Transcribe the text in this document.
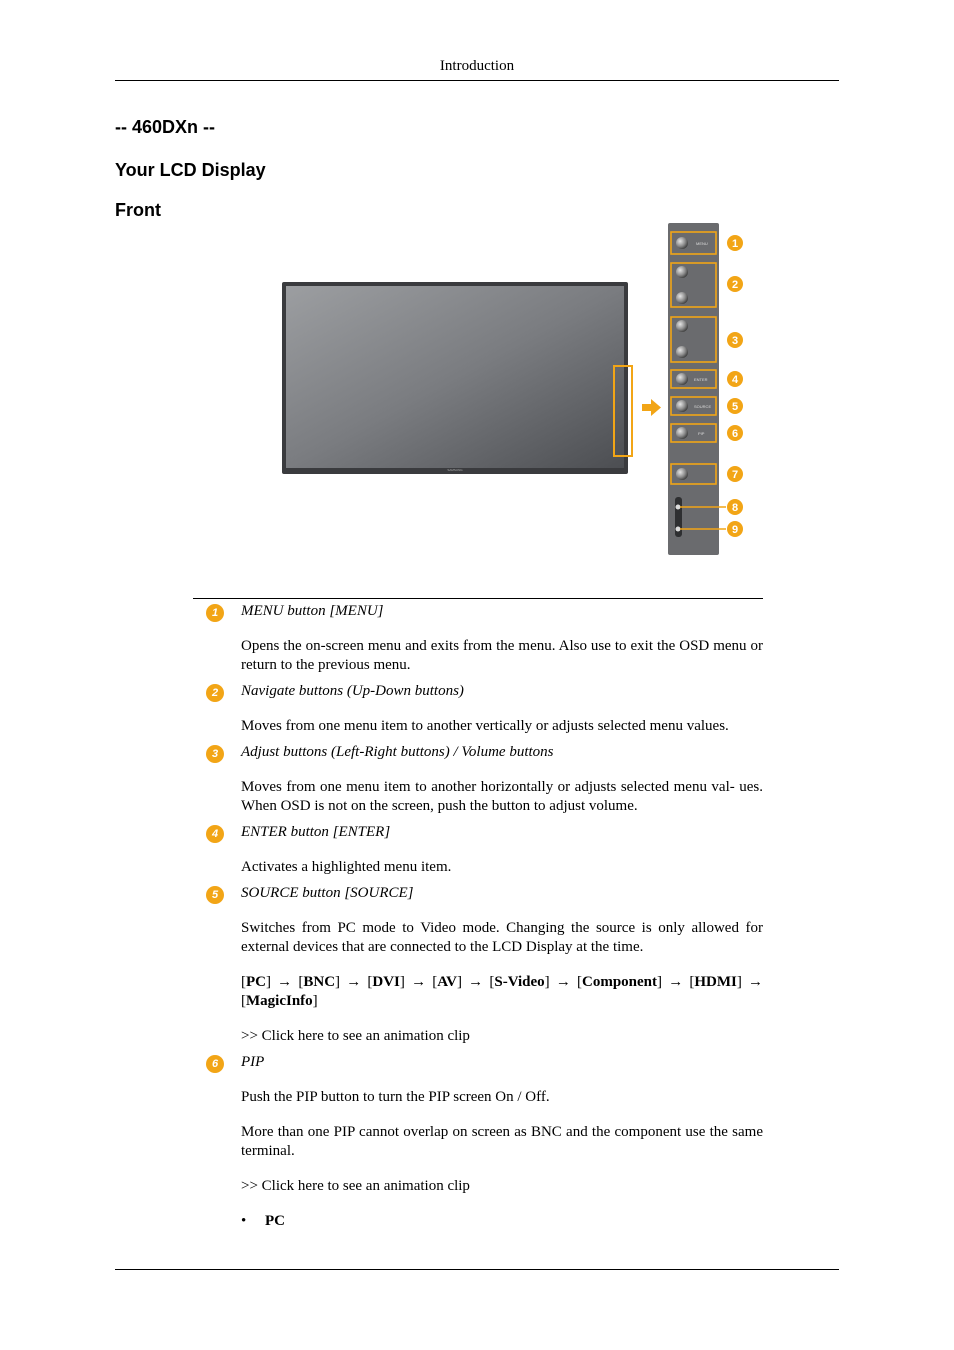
Introduction
-- 460DXn --
Your LCD Display
Front
SAMSUNG
MENU
ENTER
SOURCE
PIP
1
2
3
4
5
6
7
8
9
1	MENU button [MENU]
Opens the on-screen menu and exits from the menu. Also use to exit the OSD menu or return to the previous menu.
2	Navigate buttons (Up-Down buttons)
Moves from one menu item to another vertically or adjusts selected menu values.
3	Adjust buttons (Left-Right buttons) / Volume buttons
Moves from one menu item to another horizontally or adjusts selected menu val- ues. When OSD is not on the screen, push the button to adjust volume.
4	ENTER button [ENTER]
Activates a highlighted menu item.
5	SOURCE button [SOURCE]
Switches from PC mode to Video mode. Changing the source is only allowed for external devices that are connected to the LCD Display at the time.
[PC] → [BNC] → [DVI] → [AV] → [S-Video] → [Component] → [HDMI] → [MagicInfo]
>> Click here to see an animation clip
6	PIP
Push the PIP button to turn the PIP screen On / Off.
More than one PIP cannot overlap on screen as BNC and the component use the same terminal.
>> Click here to see an animation clip
• PC
